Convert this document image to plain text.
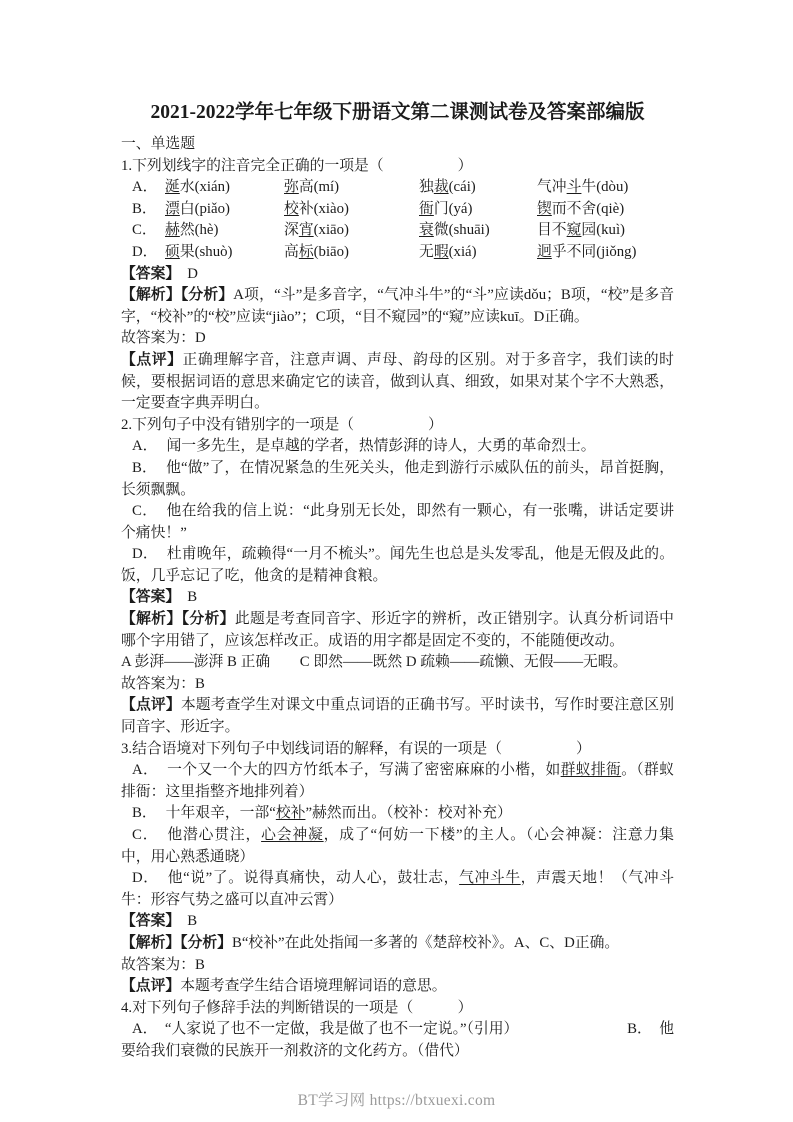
2021-2022学年七年级下册语文第二课测试卷及答案部编版

一、单选题

1.下列划线字的注音完全正确的一项是（　　　　　）

A． 涎水(xián)	弥高(mí)	独裁(cái)	气冲斗牛(dòu)
B． 漂白(piǎo)	校补(xiào)	衙门(yá)	锲而不舍(qiè)
C． 赫然(hè)	深宵(xiāo)	衰微(shuāi)	目不窥园(kuì)
D． 硕果(shuò)	高标(biāo)	无暇(xiá)	迥乎不同(jiǒng)

【答案】 D

【解析】【分析】A项，“斗”是多音字，“气冲斗牛”的“斗”应读dǒu；B项，“校”是多音字，“校补”的“校”应读“jiào”；C项，“目不窥园”的“窥”应读kuī。D正确。

故答案为：D

【点评】正确理解字音，注意声调、声母、韵母的区别。对于多音字，我们读的时候，要根据词语的意思来确定它的读音，做到认真、细致，如果对某个字不大熟悉，一定要查字典弄明白。

2.下列句子中没有错别字的一项是（　　　　　）

A． 闻一多先生，是卓越的学者，热情彭湃的诗人，大勇的革命烈士。

B． 他“做”了，在情况紧急的生死关头，他走到游行示威队伍的前头，昂首挺胸，长须飘飘。

C． 他在给我的信上说：“此身别无长处，即然有一颗心，有一张嘴，讲话定要讲个痛快！”

D． 杜甫晚年，疏赖得“一月不梳头”。闻先生也总是头发零乱，他是无假及此的。饭，几乎忘记了吃，他贪的是精神食粮。

【答案】 B

【解析】【分析】此题是考查同音字、形近字的辨析，改正错别字。认真分析词语中哪个字用错了，应该怎样改正。成语的用字都是固定不变的，不能随便改动。

A 彭湃——澎湃 B 正确　　C 即然——既然 D 疏赖——疏懒、无假——无暇。

故答案为：B

【点评】本题考查学生对课文中重点词语的正确书写。平时读书，写作时要注意区别同音字、形近字。

3.结合语境对下列句子中划线词语的解释，有误的一项是（　　　　　）

A． 一个又一个大的四方竹纸本子，写满了密密麻麻的小楷，如群蚁排衙。（群蚁排衙：这里指整齐地排列着）

B． 十年艰辛，一部“校补”赫然而出。（校补：校对补充）

C． 他潜心贯注，心会神凝，成了“何妨一下楼”的主人。（心会神凝：注意力集中，用心熟悉通晓）

D． 他“说”了。说得真痛快，动人心，鼓壮志，气冲斗牛，声震天地！（气冲斗牛：形容气势之盛可以直冲云霄）

【答案】 B

【解析】【分析】B“校补”在此处指闻一多著的《楚辞校补》。A、C、D正确。

故答案为：B

【点评】本题考查学生结合语境理解词语的意思。

4.对下列句子修辞手法的判断错误的一项是（　　　）

A．　“人家说了也不一定做，我是做了也不一定说。”（引用）	B．　他

要给我们衰微的民族开一剂救济的文化药方。（借代）

BT学习网 https://btxuexi.com
